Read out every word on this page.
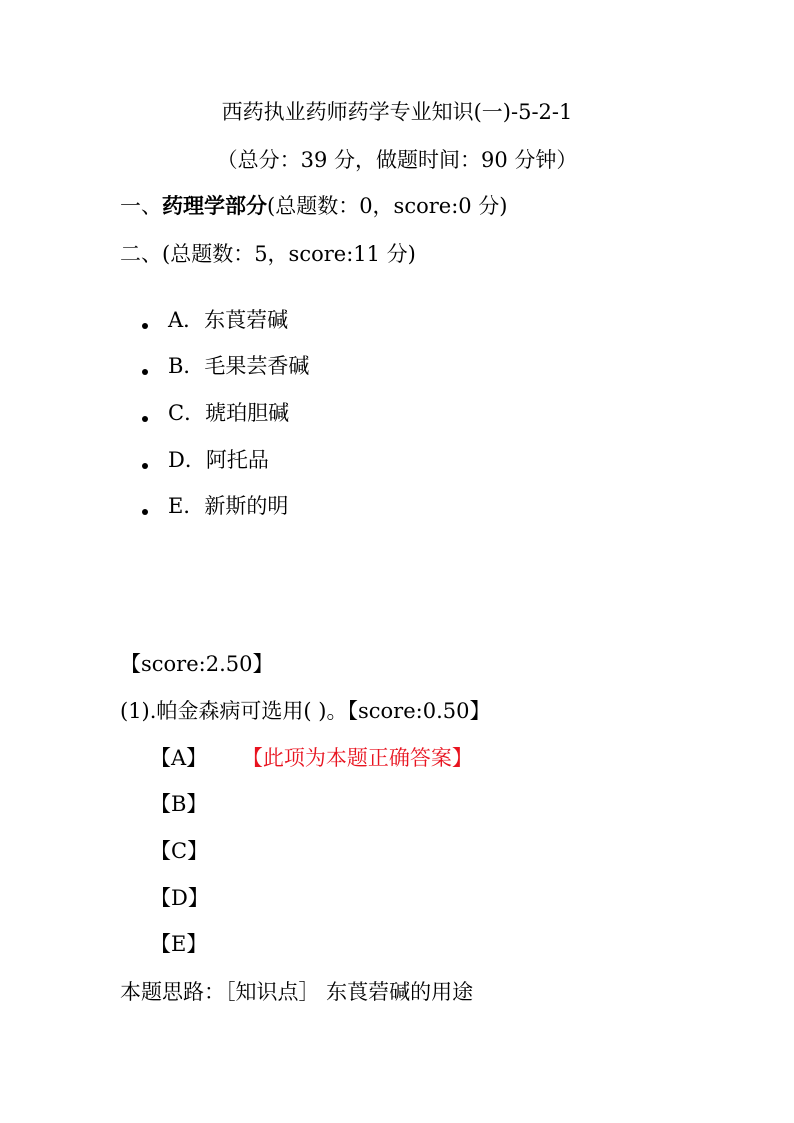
西药执业药师药学专业知识(一)-5-2-1
（总分：39 分，做题时间：90 分钟）
一、药理学部分(总题数：0，score:0 分)
二、(总题数：5，score:11 分)
A．东莨菪碱
B．毛果芸香碱
C．琥珀胆碱
D．阿托品
E．新斯的明
【score:2.50】
(1).帕金森病可选用( )。【score:0.50】
【A】 【此项为本题正确答案】
【B】
【C】
【D】
【E】
本题思路：［知识点］ 东莨菪碱的用途
